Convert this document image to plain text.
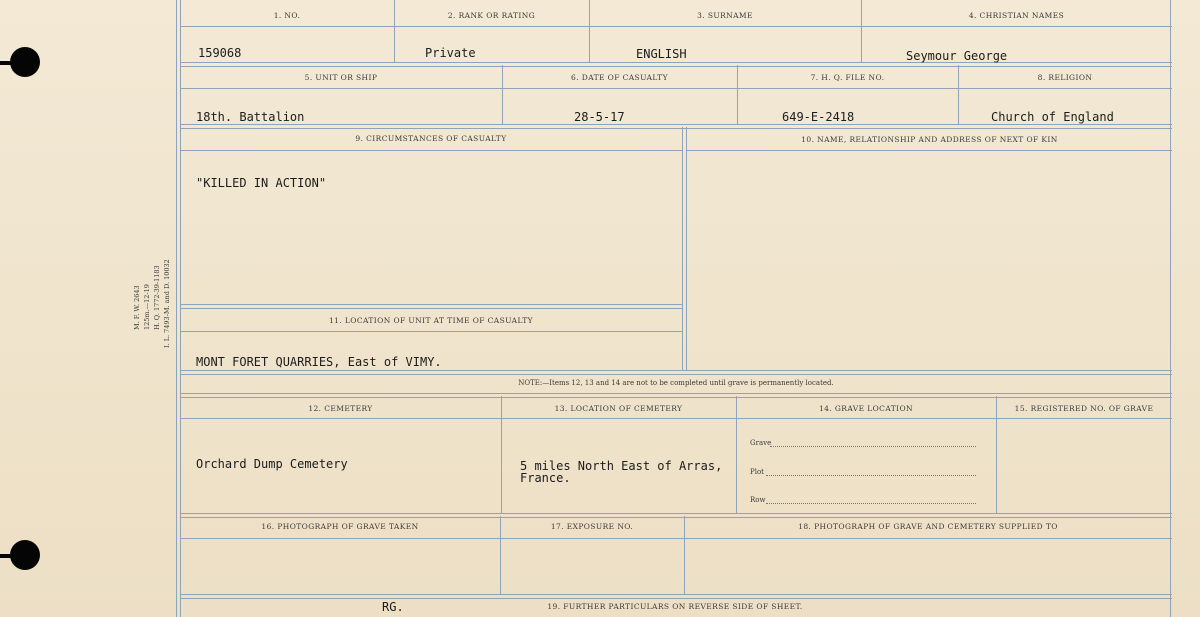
M. F. W. 2643 125m.—12-19 H. Q. 1772-39-1183 I. L. 7493-M. and D. 10032
1. NO.	2. RANK OR RATING	3. SURNAME	4. CHRISTIAN NAMES
159068	Private	ENGLISH	Seymour George
5. UNIT OR SHIP	6. DATE OF CASUALTY	7. H. Q. FILE NO.	8. RELIGION
18th. Battalion	28-5-17	649-E-2418	Church of England
9. CIRCUMSTANCES OF CASUALTY	10. NAME, RELATIONSHIP AND ADDRESS OF NEXT OF KIN
"KILLED IN ACTION"
11. LOCATION OF UNIT AT TIME OF CASUALTY
MONT FORET QUARRIES, East of VIMY.
NOTE:—Items 12, 13 and 14 are not to be completed until grave is permanently located.
12. CEMETERY	13. LOCATION OF CEMETERY	14. GRAVE LOCATION	15. REGISTERED NO. OF GRAVE
Orchard Dump Cemetery	5 miles North East of Arras,
France.
Grave
Plot
Row
16. PHOTOGRAPH OF GRAVE TAKEN	17. EXPOSURE NO.	18. PHOTOGRAPH OF GRAVE AND CEMETERY SUPPLIED TO
RG.	19. FURTHER PARTICULARS ON REVERSE SIDE OF SHEET.
